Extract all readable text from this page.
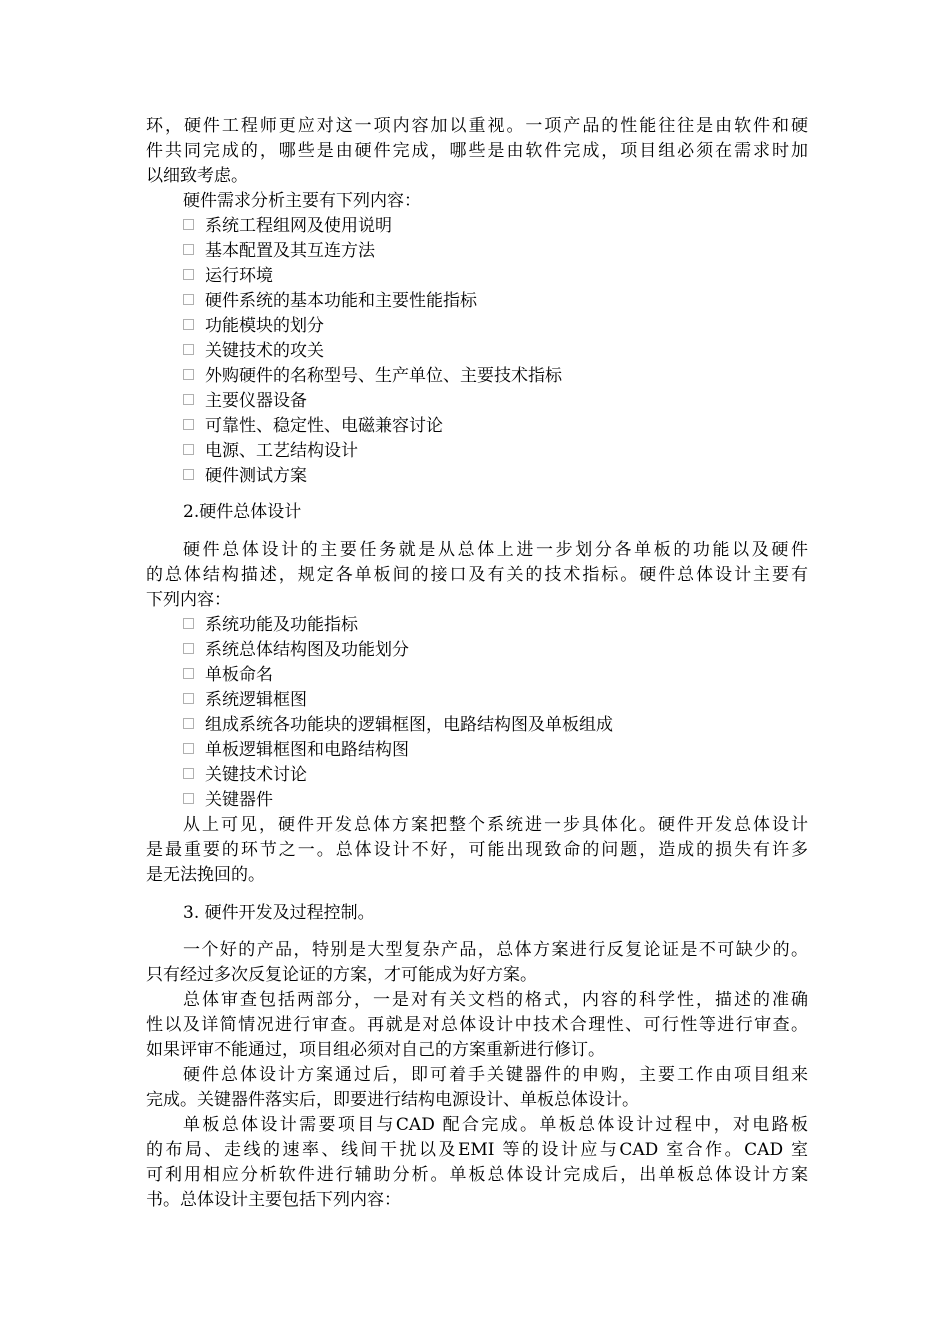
环，硬件工程师更应对这一项内容加以重视。一项产品的性能往往是由软件和硬
件共同完成的，哪些是由硬件完成，哪些是由软件完成，项目组必须在需求时加
以细致考虑。
硬件需求分析主要有下列内容：
系统工程组网及使用说明
基本配置及其互连方法
运行环境
硬件系统的基本功能和主要性能指标
功能模块的划分
关键技术的攻关
外购硬件的名称型号、生产单位、主要技术指标
主要仪器设备
可靠性、稳定性、电磁兼容讨论
电源、工艺结构设计
硬件测试方案
2.硬件总体设计
硬件总体设计的主要任务就是从总体上进一步划分各单板的功能以及硬件
的总体结构描述，规定各单板间的接口及有关的技术指标。硬件总体设计主要有
下列内容：
系统功能及功能指标
系统总体结构图及功能划分
单板命名
系统逻辑框图
组成系统各功能块的逻辑框图，电路结构图及单板组成
单板逻辑框图和电路结构图
关键技术讨论
关键器件
从上可见，硬件开发总体方案把整个系统进一步具体化。硬件开发总体设计
是最重要的环节之一。总体设计不好，可能出现致命的问题，造成的损失有许多
是无法挽回的。
3. 硬件开发及过程控制。
一个好的产品，特别是大型复杂产品，总体方案进行反复论证是不可缺少的。
只有经过多次反复论证的方案，才可能成为好方案。
总体审查包括两部分，一是对有关文档的格式，内容的科学性，描述的准确
性以及详简情况进行审查。再就是对总体设计中技术合理性、可行性等进行审查。
如果评审不能通过，项目组必须对自己的方案重新进行修订。
硬件总体设计方案通过后，即可着手关键器件的申购，主要工作由项目组来
完成。关键器件落实后，即要进行结构电源设计、单板总体设计。
单板总体设计需要项目与CAD 配合完成。单板总体设计过程中，对电路板
的布局、走线的速率、线间干扰以及EMI 等的设计应与CAD 室合作。CAD 室
可利用相应分析软件进行辅助分析。单板总体设计完成后，出单板总体设计方案
书。总体设计主要包括下列内容：
